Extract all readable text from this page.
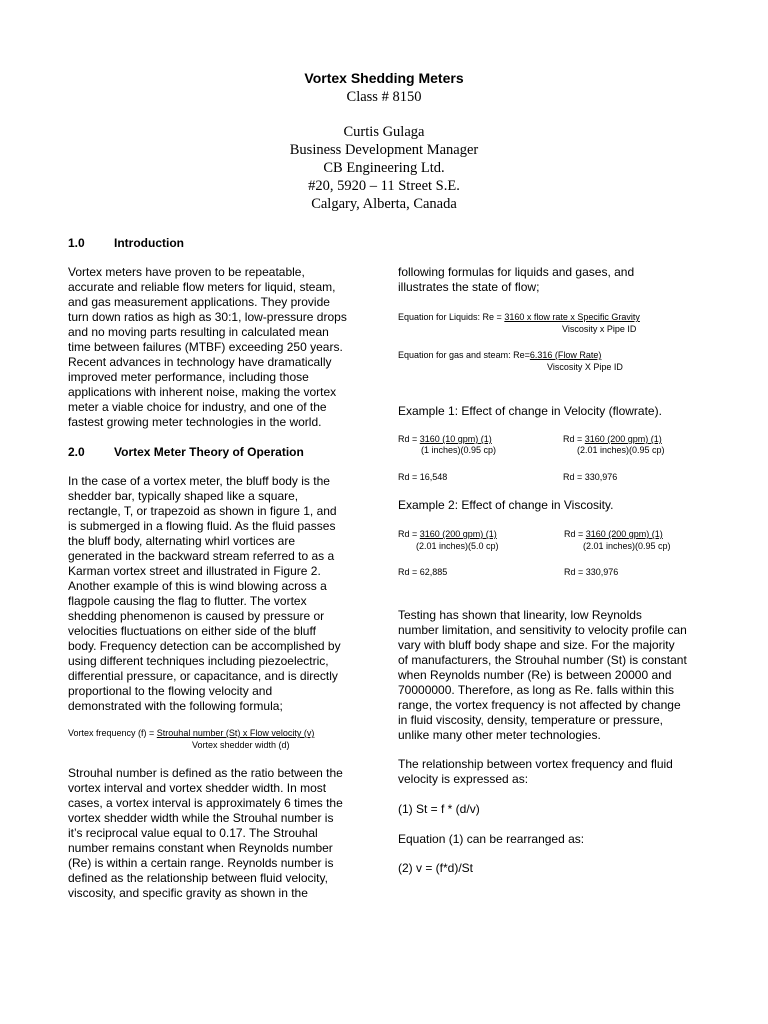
Vortex Shedding Meters
Class # 8150
Curtis Gulaga
Business Development Manager
CB Engineering Ltd.
#20, 5920 – 11 Street S.E.
Calgary, Alberta, Canada
1.0 Introduction

Vortex meters have proven to be repeatable,
accurate and reliable flow meters for liquid, steam,
and gas measurement applications. They provide
turn down ratios as high as 30:1, low-pressure drops
and no moving parts resulting in calculated mean
time between failures (MTBF) exceeding 250 years.
Recent advances in technology have dramatically
improved meter performance, including those
applications with inherent noise, making the vortex
meter a viable choice for industry, and one of the
fastest growing meter technologies in the world.

2.0 Vortex Meter Theory of Operation

In the case of a vortex meter, the bluff body is the
shedder bar, typically shaped like a square,
rectangle, T, or trapezoid as shown in figure 1, and
is submerged in a flowing fluid. As the fluid passes
the bluff body, alternating whirl vortices are
generated in the backward stream referred to as a
Karman vortex street and illustrated in Figure 2.
Another example of this is wind blowing across a
flagpole causing the flag to flutter. The vortex
shedding phenomenon is caused by pressure or
velocities fluctuations on either side of the bluff
body. Frequency detection can be accomplished by
using different techniques including piezoelectric,
differential pressure, or capacitance, and is directly
proportional to the flowing velocity and
demonstrated with the following formula;

Vortex frequency (f) = Strouhal number (St) x Flow velocity (v)
Vortex shedder width (d)

Strouhal number is defined as the ratio between the
vortex interval and vortex shedder width. In most
cases, a vortex interval is approximately 6 times the
vortex shedder width while the Strouhal number is
it’s reciprocal value equal to 0.17. The Strouhal
number remains constant when Reynolds number
(Re) is within a certain range. Reynolds number is
defined as the relationship between fluid velocity,
viscosity, and specific gravity as shown in the

following formulas for liquids and gases, and
illustrates the state of flow;

Equation for Liquids: Re = 3160 x flow rate x Specific Gravity
Viscosity x Pipe ID
Equation for gas and steam: Re=6.316 (Flow Rate)
Viscosity X Pipe ID
Example 1: Effect of change in Velocity (flowrate).
Rd = 3160 (10 gpm) (1)
(1 inches)(0.95 cp)
Rd = 3160 (200 gpm) (1)
(2.01 inches)(0.95 cp)
Rd = 16,548	Rd = 330,976
Example 2: Effect of change in Viscosity.
Rd = 3160 (200 gpm) (1)
(2.01 inches)(5.0 cp)
Rd = 3160 (200 gpm) (1)
(2.01 inches)(0.95 cp)
Rd = 62,885	Rd = 330,976

Testing has shown that linearity, low Reynolds
number limitation, and sensitivity to velocity profile can
vary with bluff body shape and size. For the majority
of manufacturers, the Strouhal number (St) is constant
when Reynolds number (Re) is between 20000 and
70000000. Therefore, as long as Re. falls within this
range, the vortex frequency is not affected by change
in fluid viscosity, density, temperature or pressure,
unlike many other meter technologies.

The relationship between vortex frequency and fluid
velocity is expressed as:

(1) St = f * (d/v)
Equation (1) can be rearranged as:
(2) v = (f*d)/St
